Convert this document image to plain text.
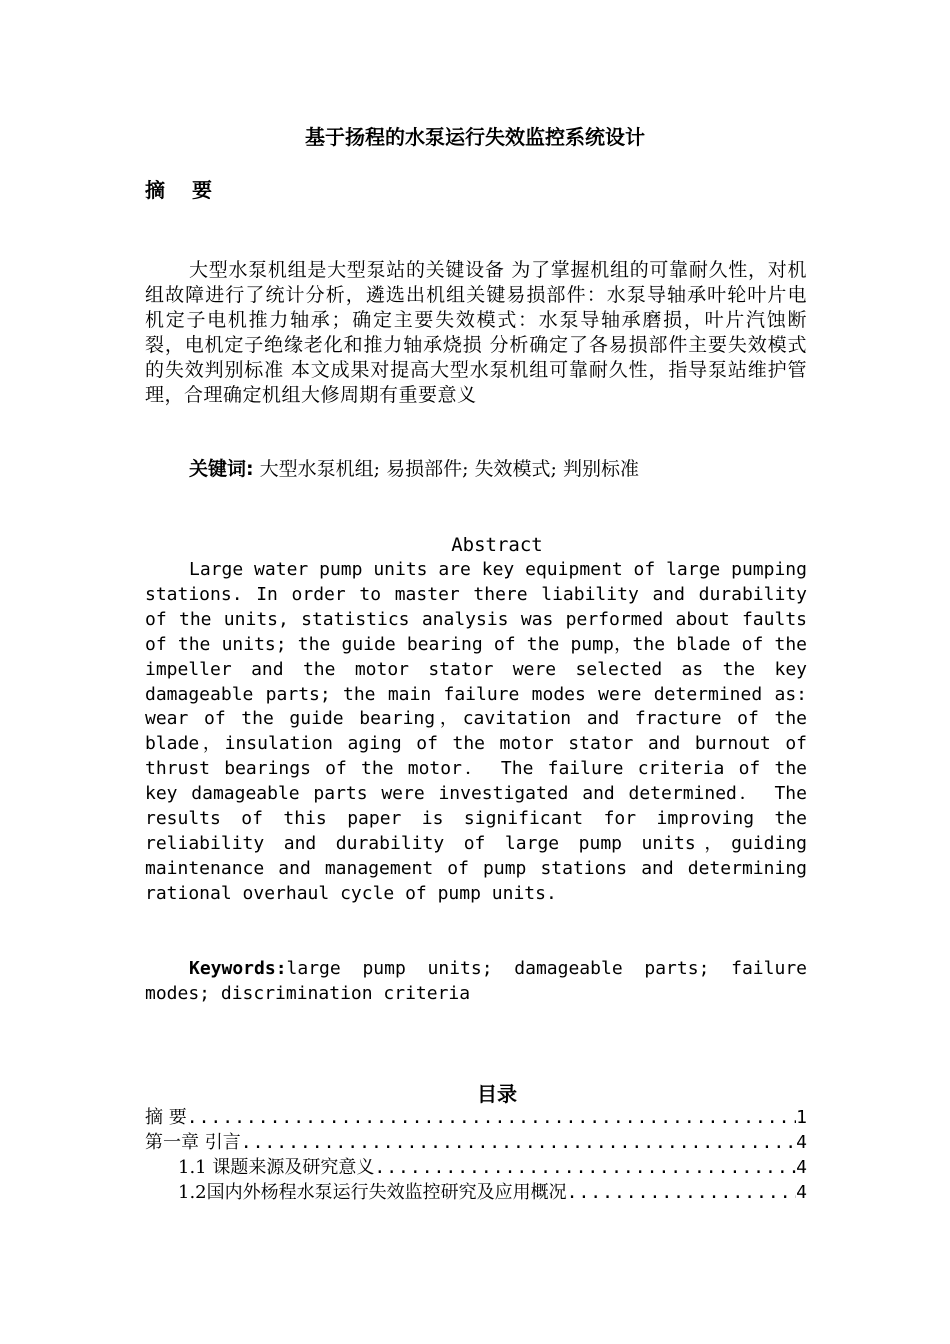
基于扬程的水泵运行失效监控系统设计
摘 要
大型水泵机组是大型泵站的关键设备 为了掌握机组的可靠耐久性，对机组故障进行了统计分析，遴选出机组关键易损部件：水泵导轴承叶轮叶片电机定子电机推力轴承；确定主要失效模式：水泵导轴承磨损，叶片汽蚀断裂，电机定子绝缘老化和推力轴承烧损 分析确定了各易损部件主要失效模式的失效判别标准 本文成果对提高大型水泵机组可靠耐久性，指导泵站维护管理，合理确定机组大修周期有重要意义
关键词: 大型水泵机组; 易损部件; 失效模式; 判别标准
Abstract
Large water pump units are key equipment of large pumping stations. In order to master there liability and durability of the units, statistics analysis was performed about faults of the units; the guide bearing of the pump，the blade of the impeller and the motor stator were selected as the key damageable parts; the main failure modes were determined as: wear of the guide bearing，cavitation and fracture of the blade，insulation aging of the motor stator and burnout of thrust bearings of the motor． The failure criteria of the key damageable parts were investigated and determined． The results of this paper is significant for improving the reliability and durability of large pump units，guiding maintenance and management of pump stations and determining rational overhaul cycle of pump units.
Keywords:large pump units; damageable parts; failure modes; discrimination criteria
目录
摘 要 .....	1
第一章 引言 .....	4
1.1 课题来源及研究意义 .....	4
1.2国内外杨程水泵运行失效监控研究及应用概况 .....	4
